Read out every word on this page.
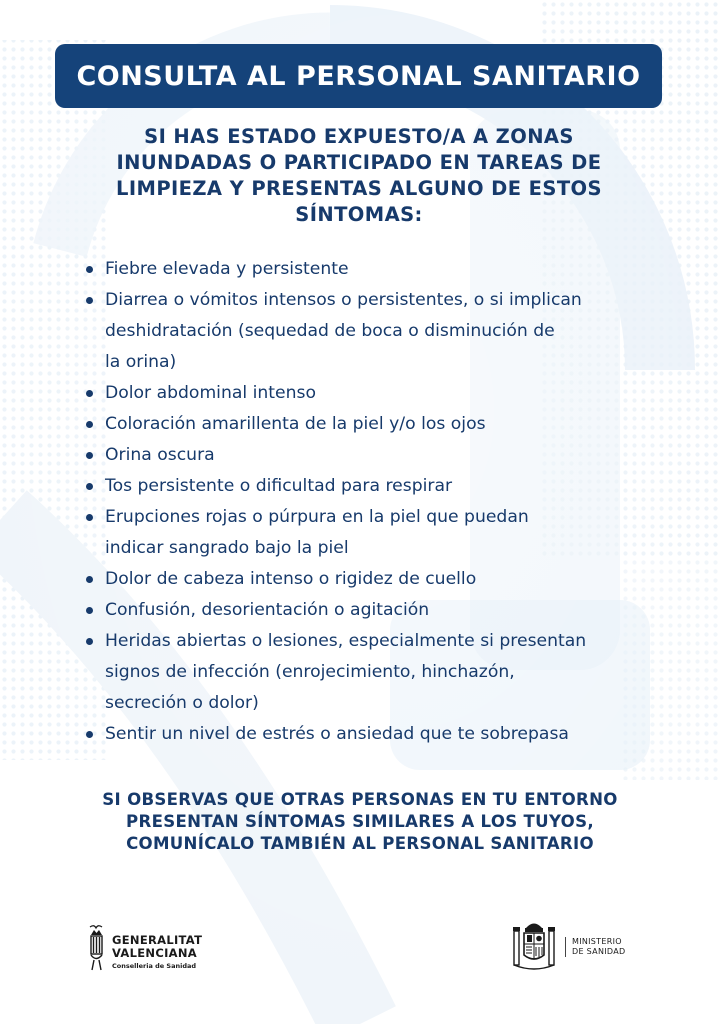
CONSULTA AL PERSONAL SANITARIO
SI HAS ESTADO EXPUESTO/A A ZONAS
INUNDADAS O PARTICIPADO EN TAREAS DE
LIMPIEZA Y PRESENTAS ALGUNO DE ESTOS
SÍNTOMAS:
Fiebre elevada y persistente
Diarrea o vómitos intensos o persistentes, o si implican
deshidratación (sequedad de boca o disminución de
la orina)
Dolor abdominal intenso
Coloración amarillenta de la piel y/o los ojos
Orina oscura
Tos persistente o dificultad para respirar
Erupciones rojas o púrpura en la piel que puedan
indicar sangrado bajo la piel
Dolor de cabeza intenso o rigidez de cuello
Confusión, desorientación o agitación
Heridas abiertas o lesiones, especialmente si presentan
signos de infección (enrojecimiento, hinchazón,
secreción o dolor)
Sentir un nivel de estrés o ansiedad que te sobrepasa
SI OBSERVAS QUE OTRAS PERSONAS EN TU ENTORNO
PRESENTAN SÍNTOMAS SIMILARES A LOS TUYOS,
COMUNÍCALO TAMBIÉN AL PERSONAL SANITARIO
GENERALITAT
VALENCIANA
Conselleria de Sanidad
MINISTERIO
DE SANIDAD
